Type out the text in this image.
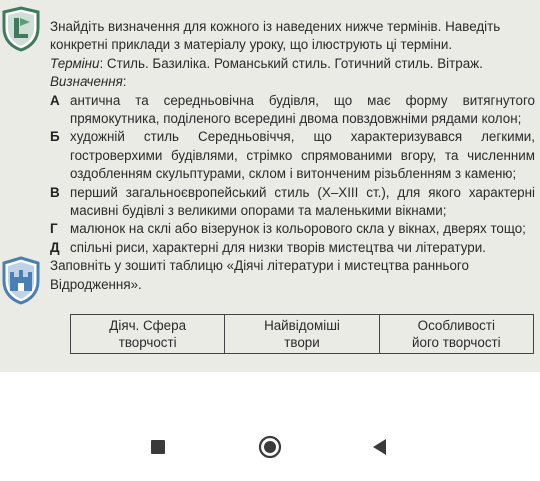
Знайдіть визначення для кожного із наведених нижче термінів. Наведіть конкретні приклади з матеріалу уроку, що ілюструють ці терміни.

Терміни: Стиль. Базиліка. Романський стиль. Готичний стиль. Вітраж.

Визначення:

А антична та середньовічна будівля, що має форму витягнутого прямокутника, поділеного всередині двома повздовжніми рядами колон;

Б художній стиль Середньовіччя, що характеризувався легкими, гостроверхими будівлями, стрімко спрямованими вгору, та численним оздобленням скульптурами, склом і витонченим різьбленням з каменю;

В перший загальноєвропейський стиль (X–XIII ст.), для якого характерні масивні будівлі з великими опорами та маленькими вікнами;

Г малюнок на склі або візерунок із кольорового скла у вікнах, дверях тощо;

Д спільні риси, характерні для низки творів мистецтва чи літератури.

Заповніть у зошиті таблицю «Діячі літератури і мистецтва раннього Відродження».

Діяч. Сфера
творчості
Найвідоміші
твори
Особливості
його творчості
